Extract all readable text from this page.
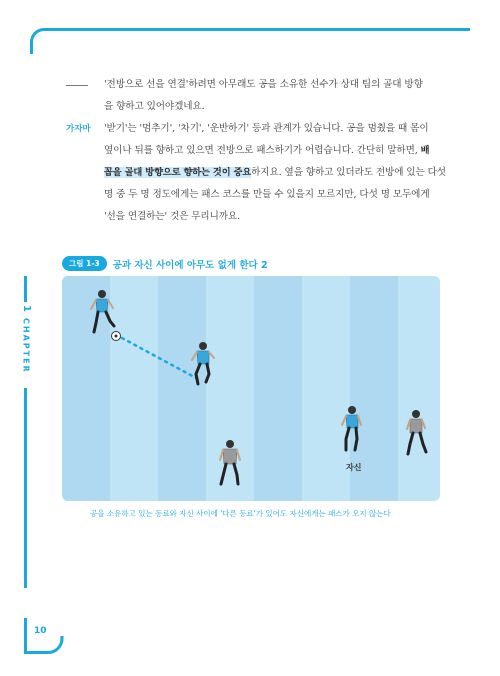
1
CHAPTER
10
'전방으로 선을 연결'하려면 아무래도 공을 소유한 선수가 상대 팀의 골대 방향
을 향하고 있어야겠네요.
가자마	'받기'는 '멈추기', '차기', '운반하기' 등과 관계가 있습니다. 공을 멈췄을 때 몸이
옆이나 뒤를 향하고 있으면 전방으로 패스하기가 어렵습니다. 간단히 말하면, 배
꼽을 골대 방향으로 향하는 것이 중요하지요. 옆을 향하고 있더라도 전방에 있는 다섯
명 중 두 명 정도에게는 패스 코스를 만들 수 있을지 모르지만, 다섯 명 모두에게
'선을 연결하는' 것은 무리니까요.
그림 1-3	공과 자신 사이에 아무도 없게 한다 2
자신
공을 소유하고 있는 동료와 자신 사이에 '다른 동료'가 있어도 자신에게는 패스가 오지 않는다
